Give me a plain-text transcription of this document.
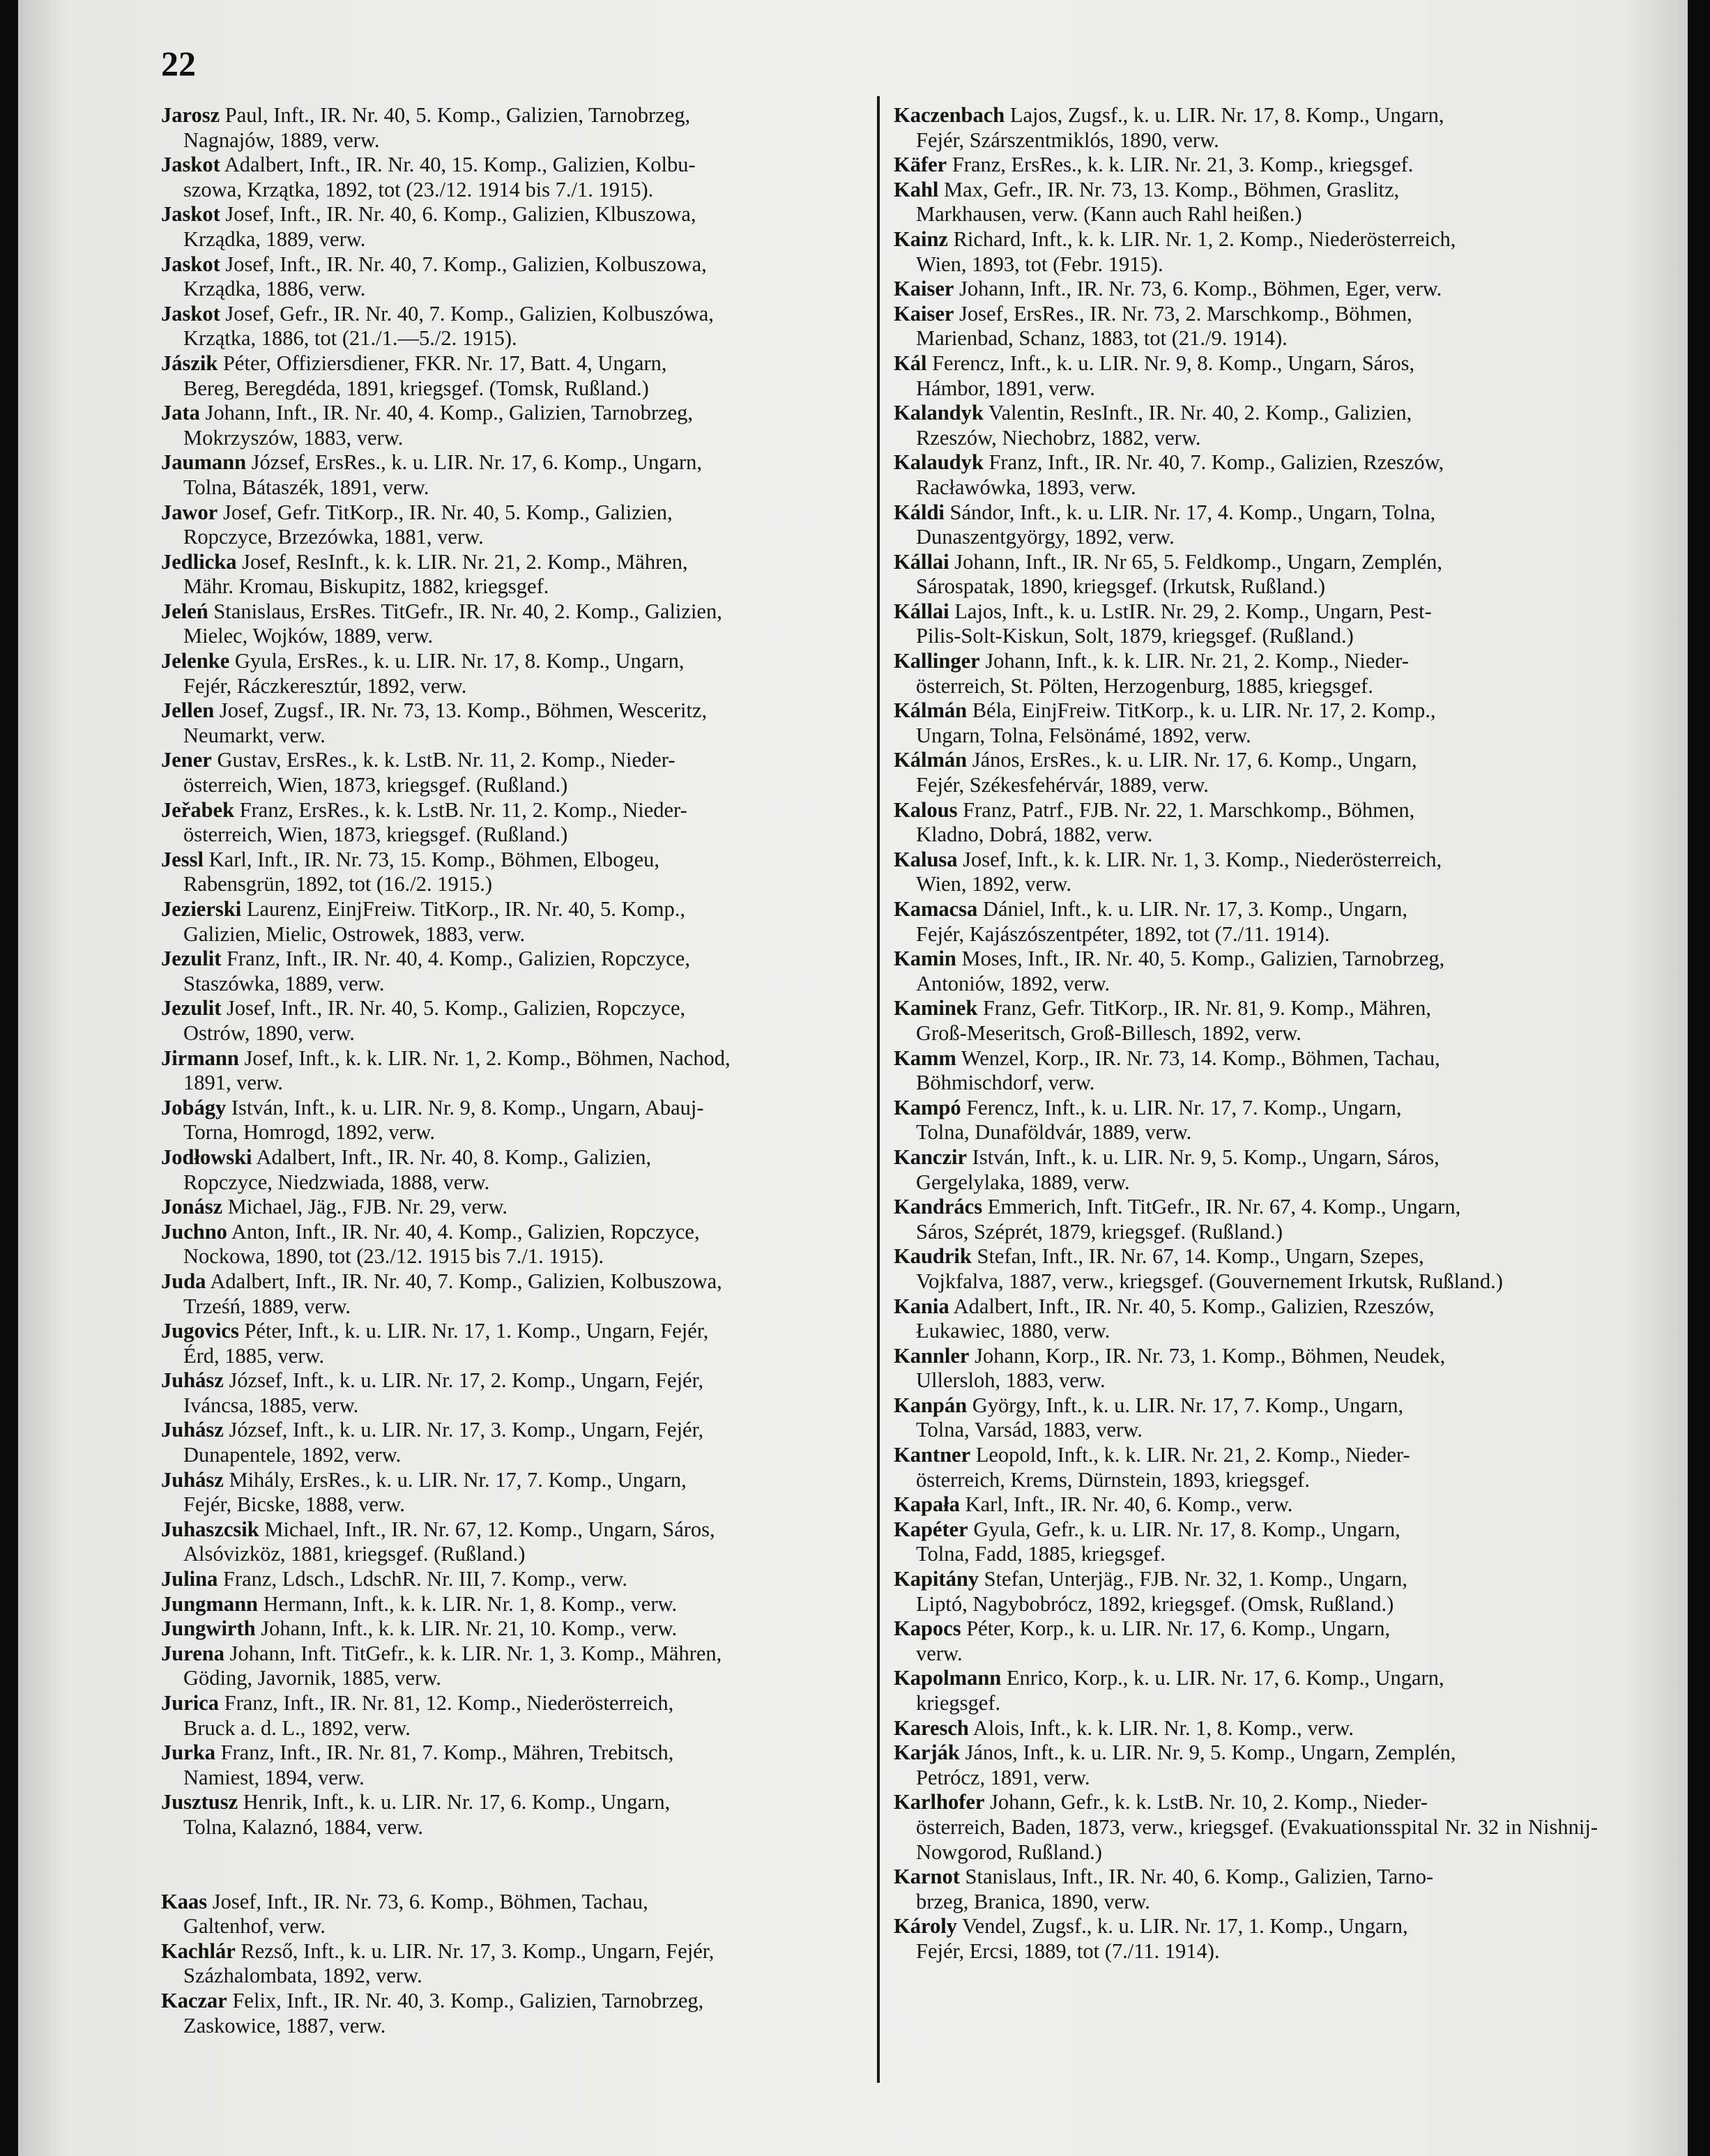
22
Jarosz Paul, Inft., IR. Nr. 40, 5. Komp., Galizien, Tarnobrzeg,
Nagnajów, 1889, verw.
Jaskot Adalbert, Inft., IR. Nr. 40, 15. Komp., Galizien, Kolbu-
szowa, Krzątka, 1892, tot (23./12. 1914 bis 7./1. 1915).
Jaskot Josef, Inft., IR. Nr. 40, 6. Komp., Galizien, Klbuszowa,
Krządka, 1889, verw.
Jaskot Josef, Inft., IR. Nr. 40, 7. Komp., Galizien, Kolbuszowa,
Krządka, 1886, verw.
Jaskot Josef, Gefr., IR. Nr. 40, 7. Komp., Galizien, Kolbuszówa,
Krzątka, 1886, tot (21./1.—5./2. 1915).
Jászik Péter, Offiziersdiener, FKR. Nr. 17, Batt. 4, Ungarn,
Bereg, Beregdéda, 1891, kriegsgef. (Tomsk, Rußland.)
Jata Johann, Inft., IR. Nr. 40, 4. Komp., Galizien, Tarnobrzeg,
Mokrzyszów, 1883, verw.
Jaumann József, ErsRes., k. u. LIR. Nr. 17, 6. Komp., Ungarn,
Tolna, Bátaszék, 1891, verw.
Jawor Josef, Gefr. TitKorp., IR. Nr. 40, 5. Komp., Galizien,
Ropczyce, Brzezówka, 1881, verw.
Jedlicka Josef, ResInft., k. k. LIR. Nr. 21, 2. Komp., Mähren,
Mähr. Kromau, Biskupitz, 1882, kriegsgef.
Jeleń Stanislaus, ErsRes. TitGefr., IR. Nr. 40, 2. Komp., Galizien,
Mielec, Wojków, 1889, verw.
Jelenke Gyula, ErsRes., k. u. LIR. Nr. 17, 8. Komp., Ungarn,
Fejér, Ráczkeresztúr, 1892, verw.
Jellen Josef, Zugsf., IR. Nr. 73, 13. Komp., Böhmen, Wesceritz,
Neumarkt, verw.
Jener Gustav, ErsRes., k. k. LstB. Nr. 11, 2. Komp., Nieder-
österreich, Wien, 1873, kriegsgef. (Rußland.)
Jeřabek Franz, ErsRes., k. k. LstB. Nr. 11, 2. Komp., Nieder-
österreich, Wien, 1873, kriegsgef. (Rußland.)
Jessl Karl, Inft., IR. Nr. 73, 15. Komp., Böhmen, Elbogeu,
Rabensgrün, 1892, tot (16./2. 1915.)
Jezierski Laurenz, EinjFreiw. TitKorp., IR. Nr. 40, 5. Komp.,
Galizien, Mielic, Ostrowek, 1883, verw.
Jezulit Franz, Inft., IR. Nr. 40, 4. Komp., Galizien, Ropczyce,
Staszówka, 1889, verw.
Jezulit Josef, Inft., IR. Nr. 40, 5. Komp., Galizien, Ropczyce,
Ostrów, 1890, verw.
Jirmann Josef, Inft., k. k. LIR. Nr. 1, 2. Komp., Böhmen, Nachod,
1891, verw.
Jobágy István, Inft., k. u. LIR. Nr. 9, 8. Komp., Ungarn, Abauj-
Torna, Homrogd, 1892, verw.
Jodłowski Adalbert, Inft., IR. Nr. 40, 8. Komp., Galizien,
Ropczyce, Niedzwiada, 1888, verw.
Jonász Michael, Jäg., FJB. Nr. 29, verw.
Juchno Anton, Inft., IR. Nr. 40, 4. Komp., Galizien, Ropczyce,
Nockowa, 1890, tot (23./12. 1915 bis 7./1. 1915).
Juda Adalbert, Inft., IR. Nr. 40, 7. Komp., Galizien, Kolbuszowa,
Trześń, 1889, verw.
Jugovics Péter, Inft., k. u. LIR. Nr. 17, 1. Komp., Ungarn, Fejér,
Érd, 1885, verw.
Juhász József, Inft., k. u. LIR. Nr. 17, 2. Komp., Ungarn, Fejér,
Iváncsa, 1885, verw.
Juhász József, Inft., k. u. LIR. Nr. 17, 3. Komp., Ungarn, Fejér,
Dunapentele, 1892, verw.
Juhász Mihály, ErsRes., k. u. LIR. Nr. 17, 7. Komp., Ungarn,
Fejér, Bicske, 1888, verw.
Juhaszcsik Michael, Inft., IR. Nr. 67, 12. Komp., Ungarn, Sáros,
Alsóvizköz, 1881, kriegsgef. (Rußland.)
Julina Franz, Ldsch., LdschR. Nr. III, 7. Komp., verw.
Jungmann Hermann, Inft., k. k. LIR. Nr. 1, 8. Komp., verw.
Jungwirth Johann, Inft., k. k. LIR. Nr. 21, 10. Komp., verw.
Jurena Johann, Inft. TitGefr., k. k. LIR. Nr. 1, 3. Komp., Mähren,
Göding, Javornik, 1885, verw.
Jurica Franz, Inft., IR. Nr. 81, 12. Komp., Niederösterreich,
Bruck a. d. L., 1892, verw.
Jurka Franz, Inft., IR. Nr. 81, 7. Komp., Mähren, Trebitsch,
Namiest, 1894, verw.
Jusztusz Henrik, Inft., k. u. LIR. Nr. 17, 6. Komp., Ungarn,
Tolna, Kalaznó, 1884, verw.
Kaas Josef, Inft., IR. Nr. 73, 6. Komp., Böhmen, Tachau,
Galtenhof, verw.
Kachlár Rezső, Inft., k. u. LIR. Nr. 17, 3. Komp., Ungarn, Fejér,
Százhalombata, 1892, verw.
Kaczar Felix, Inft., IR. Nr. 40, 3. Komp., Galizien, Tarnobrzeg,
Zaskowice, 1887, verw.
Kaczenbach Lajos, Zugsf., k. u. LIR. Nr. 17, 8. Komp., Ungarn,
Fejér, Szárszentmiklós, 1890, verw.
Käfer Franz, ErsRes., k. k. LIR. Nr. 21, 3. Komp., kriegsgef.
Kahl Max, Gefr., IR. Nr. 73, 13. Komp., Böhmen, Graslitz,
Markhausen, verw. (Kann auch Rahl heißen.)
Kainz Richard, Inft., k. k. LIR. Nr. 1, 2. Komp., Niederösterreich,
Wien, 1893, tot (Febr. 1915).
Kaiser Johann, Inft., IR. Nr. 73, 6. Komp., Böhmen, Eger, verw.
Kaiser Josef, ErsRes., IR. Nr. 73, 2. Marschkomp., Böhmen,
Marienbad, Schanz, 1883, tot (21./9. 1914).
Kál Ferencz, Inft., k. u. LIR. Nr. 9, 8. Komp., Ungarn, Sáros,
Hámbor, 1891, verw.
Kalandyk Valentin, ResInft., IR. Nr. 40, 2. Komp., Galizien,
Rzeszów, Niechobrz, 1882, verw.
Kalaudyk Franz, Inft., IR. Nr. 40, 7. Komp., Galizien, Rzeszów,
Racławówka, 1893, verw.
Káldi Sándor, Inft., k. u. LIR. Nr. 17, 4. Komp., Ungarn, Tolna,
Dunaszentgyörgy, 1892, verw.
Kállai Johann, Inft., IR. Nr 65, 5. Feldkomp., Ungarn, Zemplén,
Sárospatak, 1890, kriegsgef. (Irkutsk, Rußland.)
Kállai Lajos, Inft., k. u. LstIR. Nr. 29, 2. Komp., Ungarn, Pest-
Pilis-Solt-Kiskun, Solt, 1879, kriegsgef. (Rußland.)
Kallinger Johann, Inft., k. k. LIR. Nr. 21, 2. Komp., Nieder-
österreich, St. Pölten, Herzogenburg, 1885, kriegsgef.
Kálmán Béla, EinjFreiw. TitKorp., k. u. LIR. Nr. 17, 2. Komp.,
Ungarn, Tolna, Felsönámé, 1892, verw.
Kálmán János, ErsRes., k. u. LIR. Nr. 17, 6. Komp., Ungarn,
Fejér, Székesfehérvár, 1889, verw.
Kalous Franz, Patrf., FJB. Nr. 22, 1. Marschkomp., Böhmen,
Kladno, Dobrá, 1882, verw.
Kalusa Josef, Inft., k. k. LIR. Nr. 1, 3. Komp., Niederösterreich,
Wien, 1892, verw.
Kamacsa Dániel, Inft., k. u. LIR. Nr. 17, 3. Komp., Ungarn,
Fejér, Kajászószentpéter, 1892, tot (7./11. 1914).
Kamin Moses, Inft., IR. Nr. 40, 5. Komp., Galizien, Tarnobrzeg,
Antoniów, 1892, verw.
Kaminek Franz, Gefr. TitKorp., IR. Nr. 81, 9. Komp., Mähren,
Groß-Meseritsch, Groß-Billesch, 1892, verw.
Kamm Wenzel, Korp., IR. Nr. 73, 14. Komp., Böhmen, Tachau,
Böhmischdorf, verw.
Kampó Ferencz, Inft., k. u. LIR. Nr. 17, 7. Komp., Ungarn,
Tolna, Dunaföldvár, 1889, verw.
Kanczir István, Inft., k. u. LIR. Nr. 9, 5. Komp., Ungarn, Sáros,
Gergelylaka, 1889, verw.
Kandrács Emmerich, Inft. TitGefr., IR. Nr. 67, 4. Komp., Ungarn,
Sáros, Széprét, 1879, kriegsgef. (Rußland.)
Kaudrik Stefan, Inft., IR. Nr. 67, 14. Komp., Ungarn, Szepes,
Vojkfalva, 1887, verw., kriegsgef. (Gouvernement Irkutsk, Rußland.)
Kania Adalbert, Inft., IR. Nr. 40, 5. Komp., Galizien, Rzeszów,
Łukawiec, 1880, verw.
Kannler Johann, Korp., IR. Nr. 73, 1. Komp., Böhmen, Neudek,
Ullersloh, 1883, verw.
Kanpán György, Inft., k. u. LIR. Nr. 17, 7. Komp., Ungarn,
Tolna, Varsád, 1883, verw.
Kantner Leopold, Inft., k. k. LIR. Nr. 21, 2. Komp., Nieder-
österreich, Krems, Dürnstein, 1893, kriegsgef.
Kapała Karl, Inft., IR. Nr. 40, 6. Komp., verw.
Kapéter Gyula, Gefr., k. u. LIR. Nr. 17, 8. Komp., Ungarn,
Tolna, Fadd, 1885, kriegsgef.
Kapitány Stefan, Unterjäg., FJB. Nr. 32, 1. Komp., Ungarn,
Liptó, Nagybobrócz, 1892, kriegsgef. (Omsk, Rußland.)
Kapocs Péter, Korp., k. u. LIR. Nr. 17, 6. Komp., Ungarn,
verw.
Kapolmann Enrico, Korp., k. u. LIR. Nr. 17, 6. Komp., Ungarn,
kriegsgef.
Karesch Alois, Inft., k. k. LIR. Nr. 1, 8. Komp., verw.
Karják János, Inft., k. u. LIR. Nr. 9, 5. Komp., Ungarn, Zemplén,
Petrócz, 1891, verw.
Karlhofer Johann, Gefr., k. k. LstB. Nr. 10, 2. Komp., Nieder-
österreich, Baden, 1873, verw., kriegsgef. (Evakuationsspital Nr. 32 in Nishnij-Nowgorod, Rußland.)
Karnot Stanislaus, Inft., IR. Nr. 40, 6. Komp., Galizien, Tarno-
brzeg, Branica, 1890, verw.
Károly Vendel, Zugsf., k. u. LIR. Nr. 17, 1. Komp., Ungarn,
Fejér, Ercsi, 1889, tot (7./11. 1914).
